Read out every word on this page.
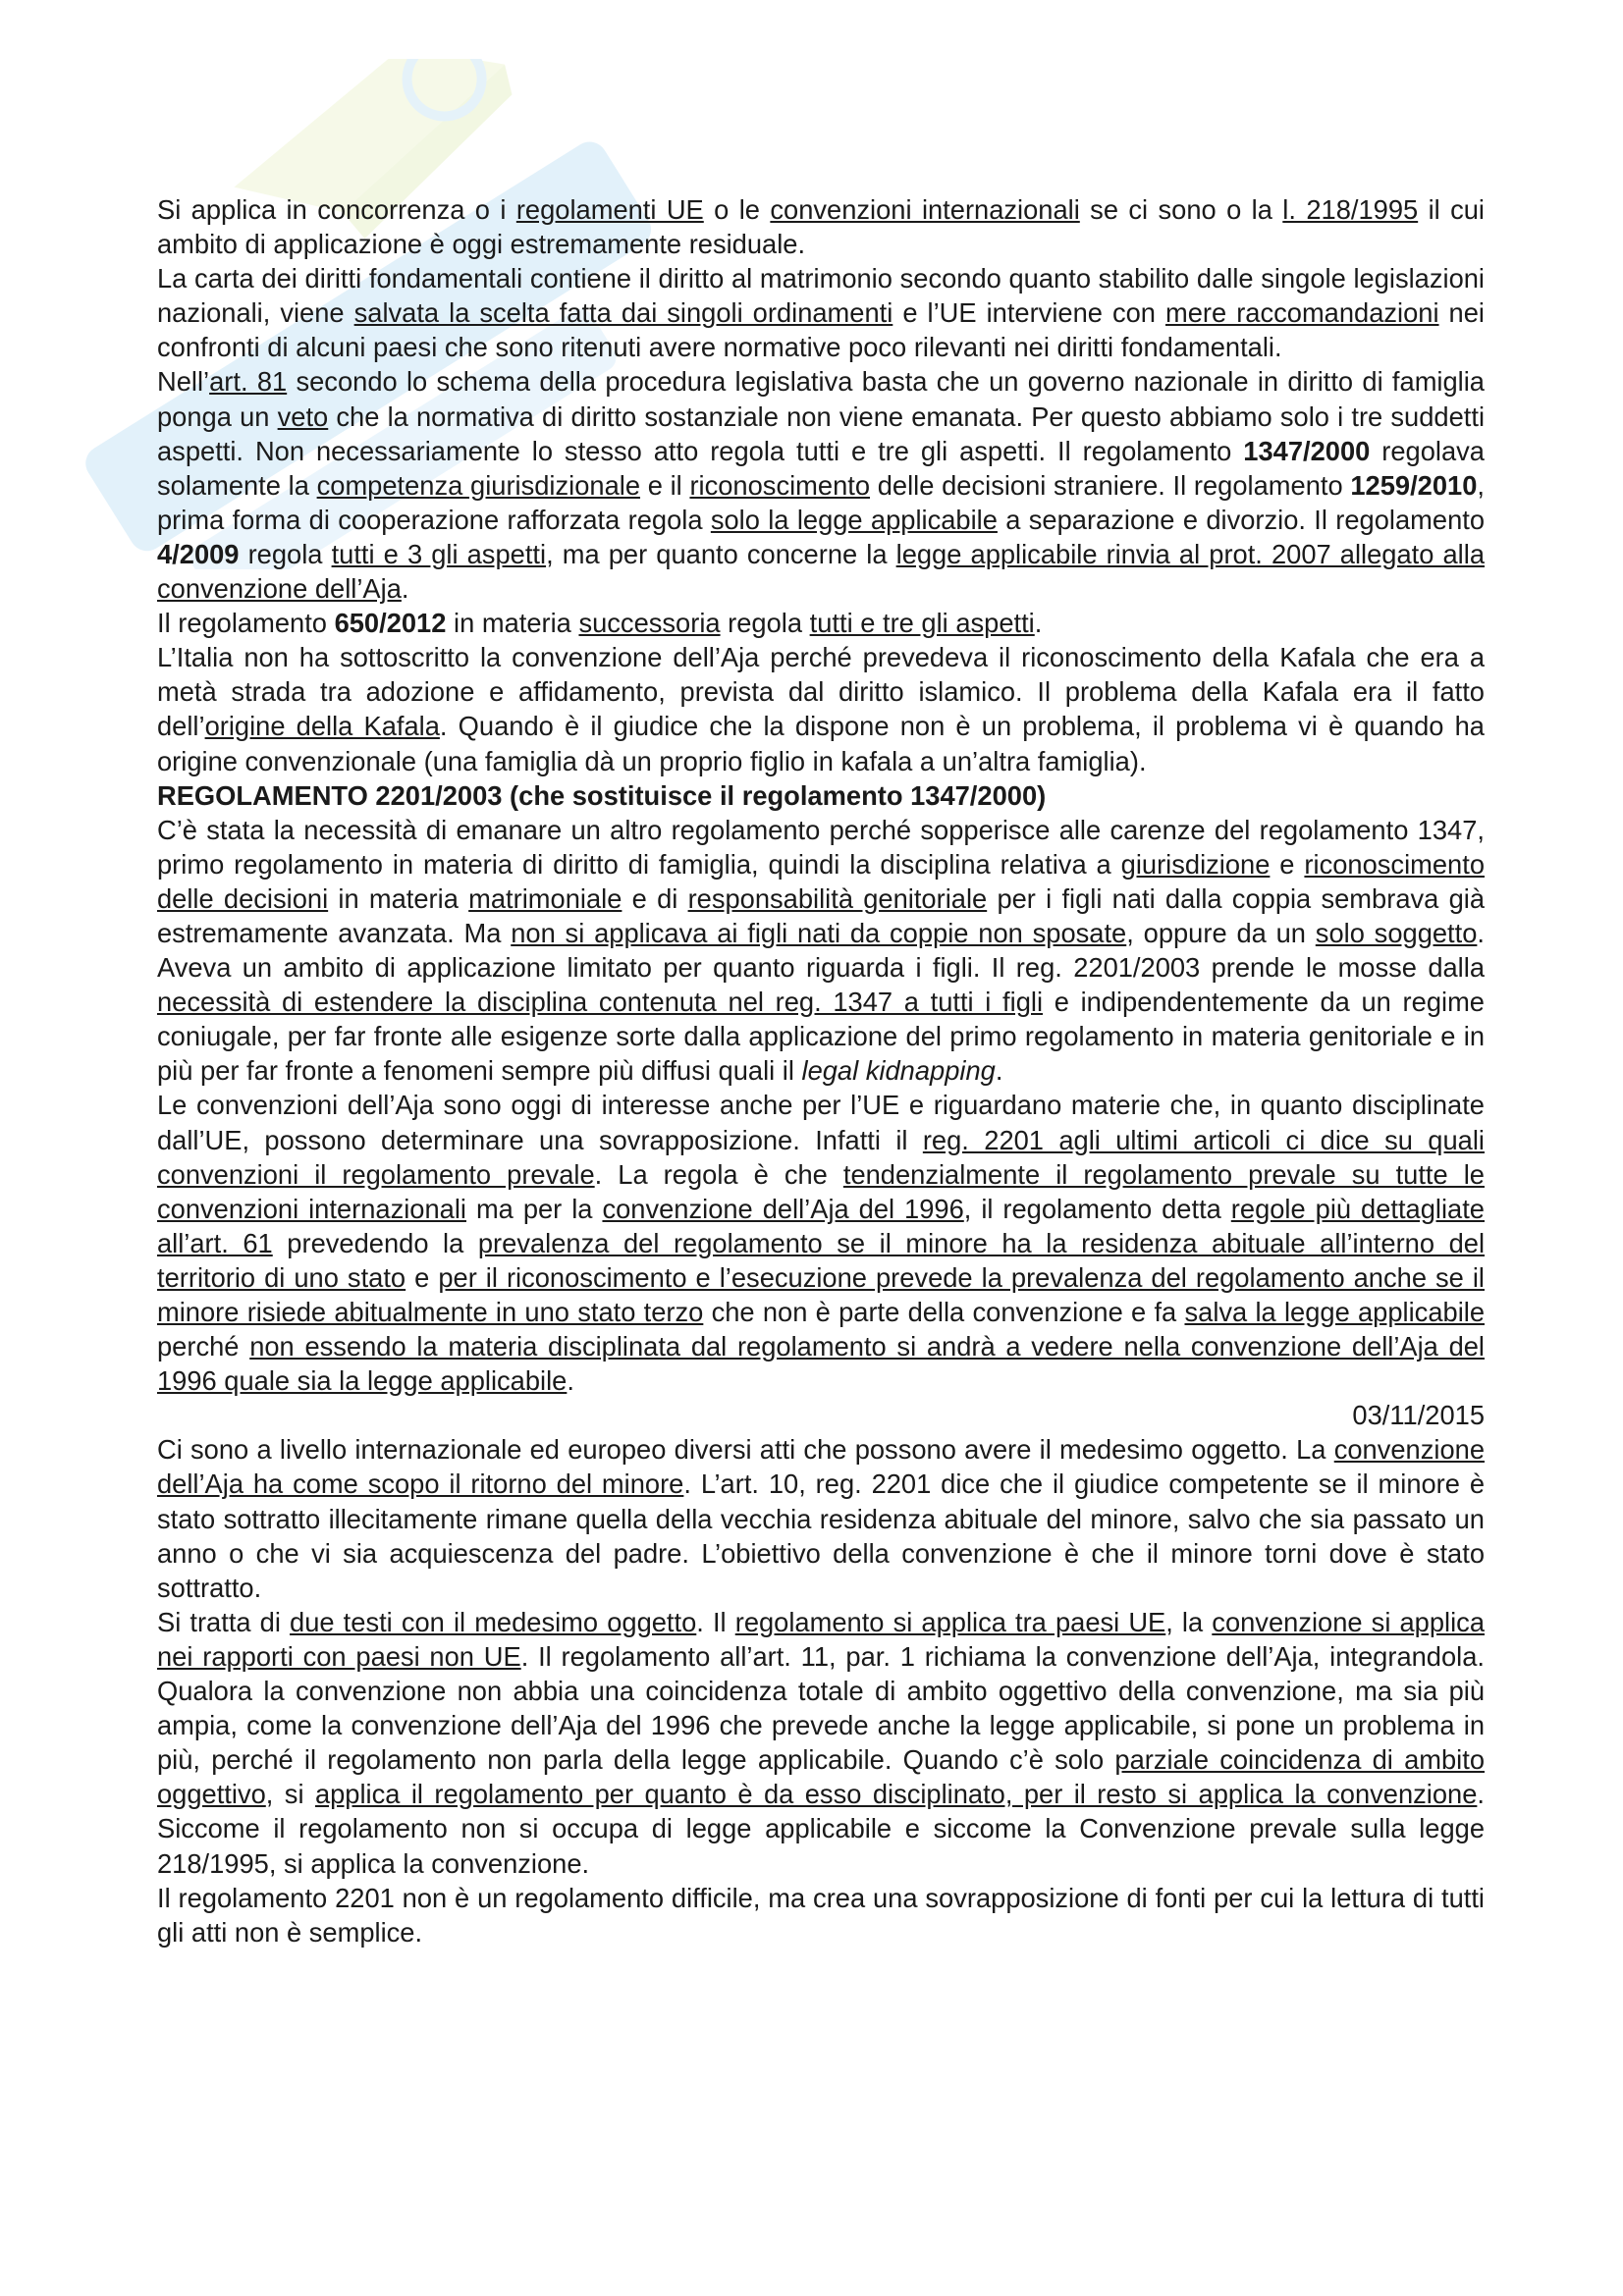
Si applica in concorrenza o i regolamenti UE o le convenzioni internazionali se ci sono o la l. 218/1995 il cui ambito di applicazione è oggi estremamente residuale.

La carta dei diritti fondamentali contiene il diritto al matrimonio secondo quanto stabilito dalle singole legislazioni nazionali, viene salvata la scelta fatta dai singoli ordinamenti e l’UE interviene con mere raccomandazioni nei confronti di alcuni paesi che sono ritenuti avere normative poco rilevanti nei diritti fondamentali.

Nell’art. 81 secondo lo schema della procedura legislativa basta che un governo nazionale in diritto di famiglia ponga un veto che la normativa di diritto sostanziale non viene emanata. Per questo abbiamo solo i tre suddetti aspetti. Non necessariamente lo stesso atto regola tutti e tre gli aspetti. Il regolamento 1347/2000 regolava solamente la competenza giurisdizionale e il riconoscimento delle decisioni straniere. Il regolamento 1259/2010, prima forma di cooperazione rafforzata regola solo la legge applicabile a separazione e divorzio. Il regolamento 4/2009 regola tutti e 3 gli aspetti, ma per quanto concerne la legge applicabile rinvia al prot. 2007 allegato alla convenzione dell’Aja.

Il regolamento 650/2012 in materia successoria regola tutti e tre gli aspetti.

L’Italia non ha sottoscritto la convenzione dell’Aja perché prevedeva il riconoscimento della Kafala che era a metà strada tra adozione e affidamento, prevista dal diritto islamico. Il problema della Kafala era il fatto dell’origine della Kafala. Quando è il giudice che la dispone non è un problema, il problema vi è quando ha origine convenzionale (una famiglia dà un proprio figlio in kafala a un’altra famiglia).

REGOLAMENTO 2201/2003 (che sostituisce il regolamento 1347/2000)

C’è stata la necessità di emanare un altro regolamento perché sopperisce alle carenze del regolamento 1347, primo regolamento in materia di diritto di famiglia, quindi la disciplina relativa a giurisdizione e riconoscimento delle decisioni in materia matrimoniale e di responsabilità genitoriale per i figli nati dalla coppia sembrava già estremamente avanzata. Ma non si applicava ai figli nati da coppie non sposate, oppure da un solo soggetto. Aveva un ambito di applicazione limitato per quanto riguarda i figli. Il reg. 2201/2003 prende le mosse dalla necessità di estendere la disciplina contenuta nel reg. 1347 a tutti i figli e indipendentemente da un regime coniugale, per far fronte alle esigenze sorte dalla applicazione del primo regolamento in materia genitoriale e in più per far fronte a fenomeni sempre più diffusi quali il legal kidnapping.

Le convenzioni dell’Aja sono oggi di interesse anche per l’UE e riguardano materie che, in quanto disciplinate dall’UE, possono determinare una sovrapposizione. Infatti il reg. 2201 agli ultimi articoli ci dice su quali convenzioni il regolamento prevale. La regola è che tendenzialmente il regolamento prevale su tutte le convenzioni internazionali ma per la convenzione dell’Aja del 1996, il regolamento detta regole più dettagliate all’art. 61 prevedendo la prevalenza del regolamento se il minore ha la residenza abituale all’interno del territorio di uno stato e per il riconoscimento e l’esecuzione prevede la prevalenza del regolamento anche se il minore risiede abitualmente in uno stato terzo che non è parte della convenzione e fa salva la legge applicabile perché non essendo la materia disciplinata dal regolamento si andrà a vedere nella convenzione dell’Aja del 1996 quale sia la legge applicabile.

03/11/2015

Ci sono a livello internazionale ed europeo diversi atti che possono avere il medesimo oggetto. La convenzione dell’Aja ha come scopo il ritorno del minore. L’art. 10, reg. 2201 dice che il giudice competente se il minore è stato sottratto illecitamente rimane quella della vecchia residenza abituale del minore, salvo che sia passato un anno o che vi sia acquiescenza del padre. L’obiettivo della convenzione è che il minore torni dove è stato sottratto.

Si tratta di due testi con il medesimo oggetto. Il regolamento si applica tra paesi UE, la convenzione si applica nei rapporti con paesi non UE. Il regolamento all’art. 11, par. 1 richiama la convenzione dell’Aja, integrandola. Qualora la convenzione non abbia una coincidenza totale di ambito oggettivo della convenzione, ma sia più ampia, come la convenzione dell’Aja del 1996 che prevede anche la legge applicabile, si pone un problema in più, perché il regolamento non parla della legge applicabile. Quando c’è solo parziale coincidenza di ambito oggettivo, si applica il regolamento per quanto è da esso disciplinato, per il resto si applica la convenzione. Siccome il regolamento non si occupa di legge applicabile e siccome la Convenzione prevale sulla legge 218/1995, si applica la convenzione.

Il regolamento 2201 non è un regolamento difficile, ma crea una sovrapposizione di fonti per cui la lettura di tutti gli atti non è semplice.
